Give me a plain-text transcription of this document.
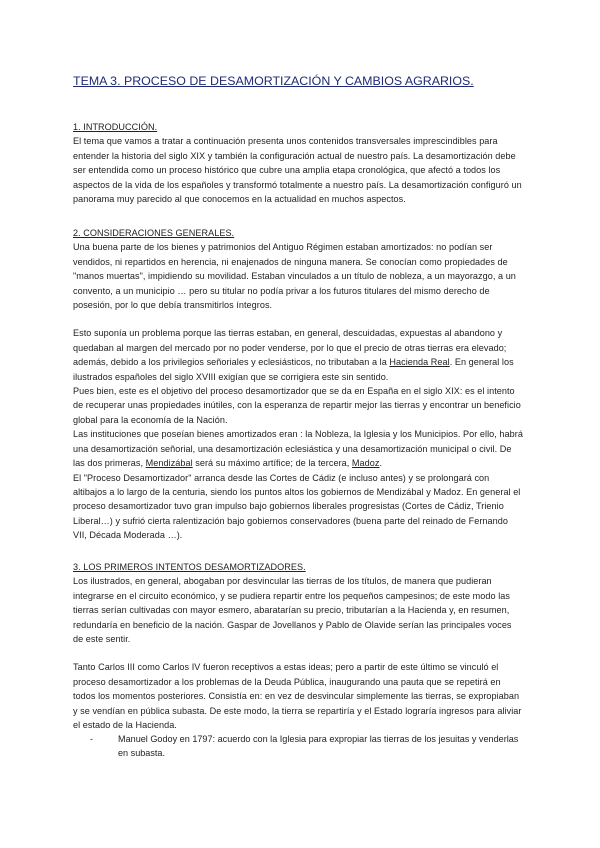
TEMA 3. PROCESO DE DESAMORTIZACIÓN Y CAMBIOS AGRARIOS.
1. INTRODUCCIÓN.
El tema que vamos a tratar a continuación presenta unos contenidos transversales imprescindibles para entender la historia del siglo XIX y también la configuración actual de nuestro país. La desamortización debe ser entendida como un proceso histórico que cubre una amplia etapa cronológica, que afectó a todos los aspectos de la vida de los españoles y transformó totalmente a nuestro país. La desamortización configuró un panorama muy parecido al que conocemos en la actualidad en muchos aspectos.
2. CONSIDERACIONES GENERALES.
Una buena parte de los bienes y patrimonios del Antiguo Régimen estaban amortizados: no podían ser vendidos, ni repartidos en herencia, ni enajenados de ninguna manera. Se conocían como propiedades de "manos muertas", impidiendo su movilidad. Estaban vinculados a un título de nobleza, a un mayorazgo, a un convento, a un municipio … pero su titular no podía privar a los futuros titulares del mismo derecho de posesión, por lo que debía transmitirlos íntegros.
Esto suponía un problema porque las tierras estaban, en general, descuidadas, expuestas al abandono y quedaban al margen del mercado por no poder venderse, por lo que el precio de otras tierras era elevado; además, debido a los privilegios señoriales y eclesiásticos, no tributaban a la Hacienda Real. En general los ilustrados españoles del siglo XVIII exigían que se corrigiera este sin sentido.
Pues bien, este es el objetivo del proceso desamortizador que se da en España en el siglo XIX: es el intento de recuperar unas propiedades inútiles, con la esperanza de repartir mejor las tierras y encontrar un beneficio global para la economía de la Nación.
Las instituciones que poseían bienes amortizados eran : la Nobleza, la Iglesia y los Municipios. Por ello, habrá una desamortización señorial, una desamortización eclesiástica y una desamortización municipal o civil. De las dos primeras, Mendizábal será su máximo artífice; de la tercera, Madoz.
El "Proceso Desamortizador" arranca desde las Cortes de Cádiz (e incluso antes) y se prolongará con altibajos a lo largo de la centuria, siendo los puntos altos los gobiernos de Mendizábal y Madoz. En general el proceso desamortizador tuvo gran impulso bajo gobiernos liberales progresistas (Cortes de Cádiz, Trienio Liberal…) y sufrió cierta ralentización bajo gobiernos conservadores (buena parte del reinado de Fernando VII, Década Moderada …).
3. LOS PRIMEROS INTENTOS DESAMORTIZADORES.
Los ilustrados, en general, abogaban por desvincular las tierras de los títulos, de manera que pudieran integrarse en el circuito económico, y se pudiera repartir entre los pequeños campesinos; de este modo las tierras serían cultivadas con mayor esmero, abaratarían su precio, tributarían a la Hacienda y, en resumen, redundaría en beneficio de la nación. Gaspar de Jovellanos y Pablo de Olavide serían las principales voces de este sentir.
Tanto Carlos III como Carlos IV fueron receptivos a estas ideas; pero a partir de este último se vinculó el proceso desamortizador a los problemas de la Deuda Pública, inaugurando una pauta que se repetirá en todos los momentos posteriores. Consistía en: en vez de desvincular simplemente las tierras, se expropiaban y se vendían en pública subasta. De este modo, la tierra se repartiría y el Estado lograría ingresos para aliviar el estado de la Hacienda.
-	Manuel Godoy en 1797: acuerdo con la Iglesia para expropiar las tierras de los jesuitas y venderlas en subasta.
